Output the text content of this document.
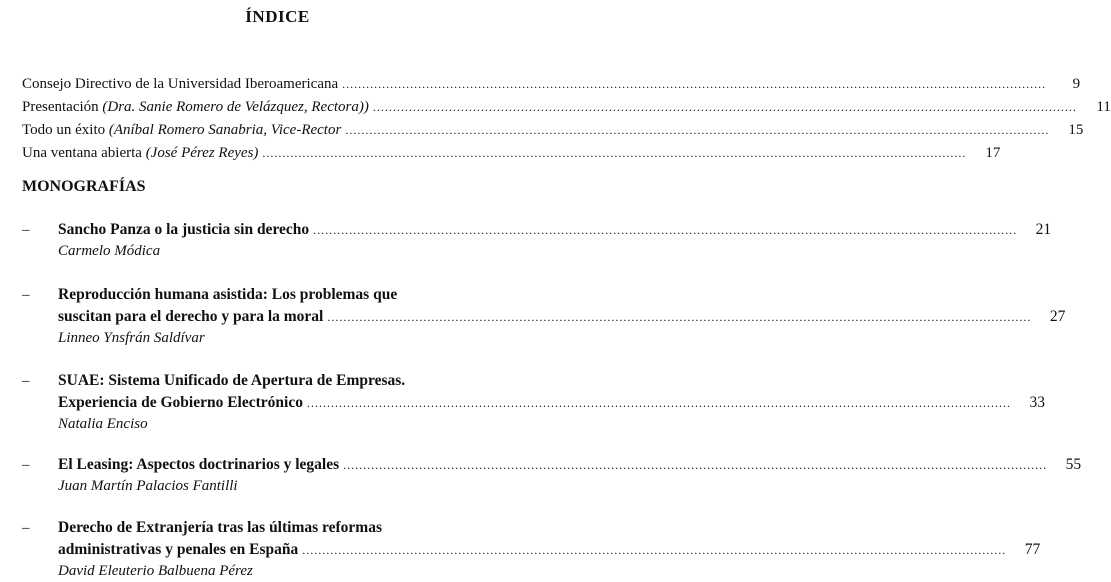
ÍNDICE
Consejo Directivo de la Universidad Iberoamericana .....	9
Presentación (Dra. Sanie Romero de Velázquez, Rectora)) .....	11
Todo un éxito (Aníbal Romero Sanabria, Vice-Rector .....	15
Una ventana abierta (José Pérez Reyes) .....	17
MONOGRAFÍAS
– Sancho Panza o la justicia sin derecho .....	21
Carmelo Módica
– Reproducción humana asistida: Los problemas que
suscitan para el derecho y para la moral .....	27
Linneo Ynsfrán Saldívar
– SUAE: Sistema Unificado de Apertura de Empresas.
Experiencia de Gobierno Electrónico .....	33
Natalia Enciso
– El Leasing: Aspectos doctrinarios y legales .....	55
Juan Martín Palacios Fantilli
– Derecho de Extranjería tras las últimas reformas
administrativas y penales en España .....	77
David Eleuterio Balbuena Pérez
